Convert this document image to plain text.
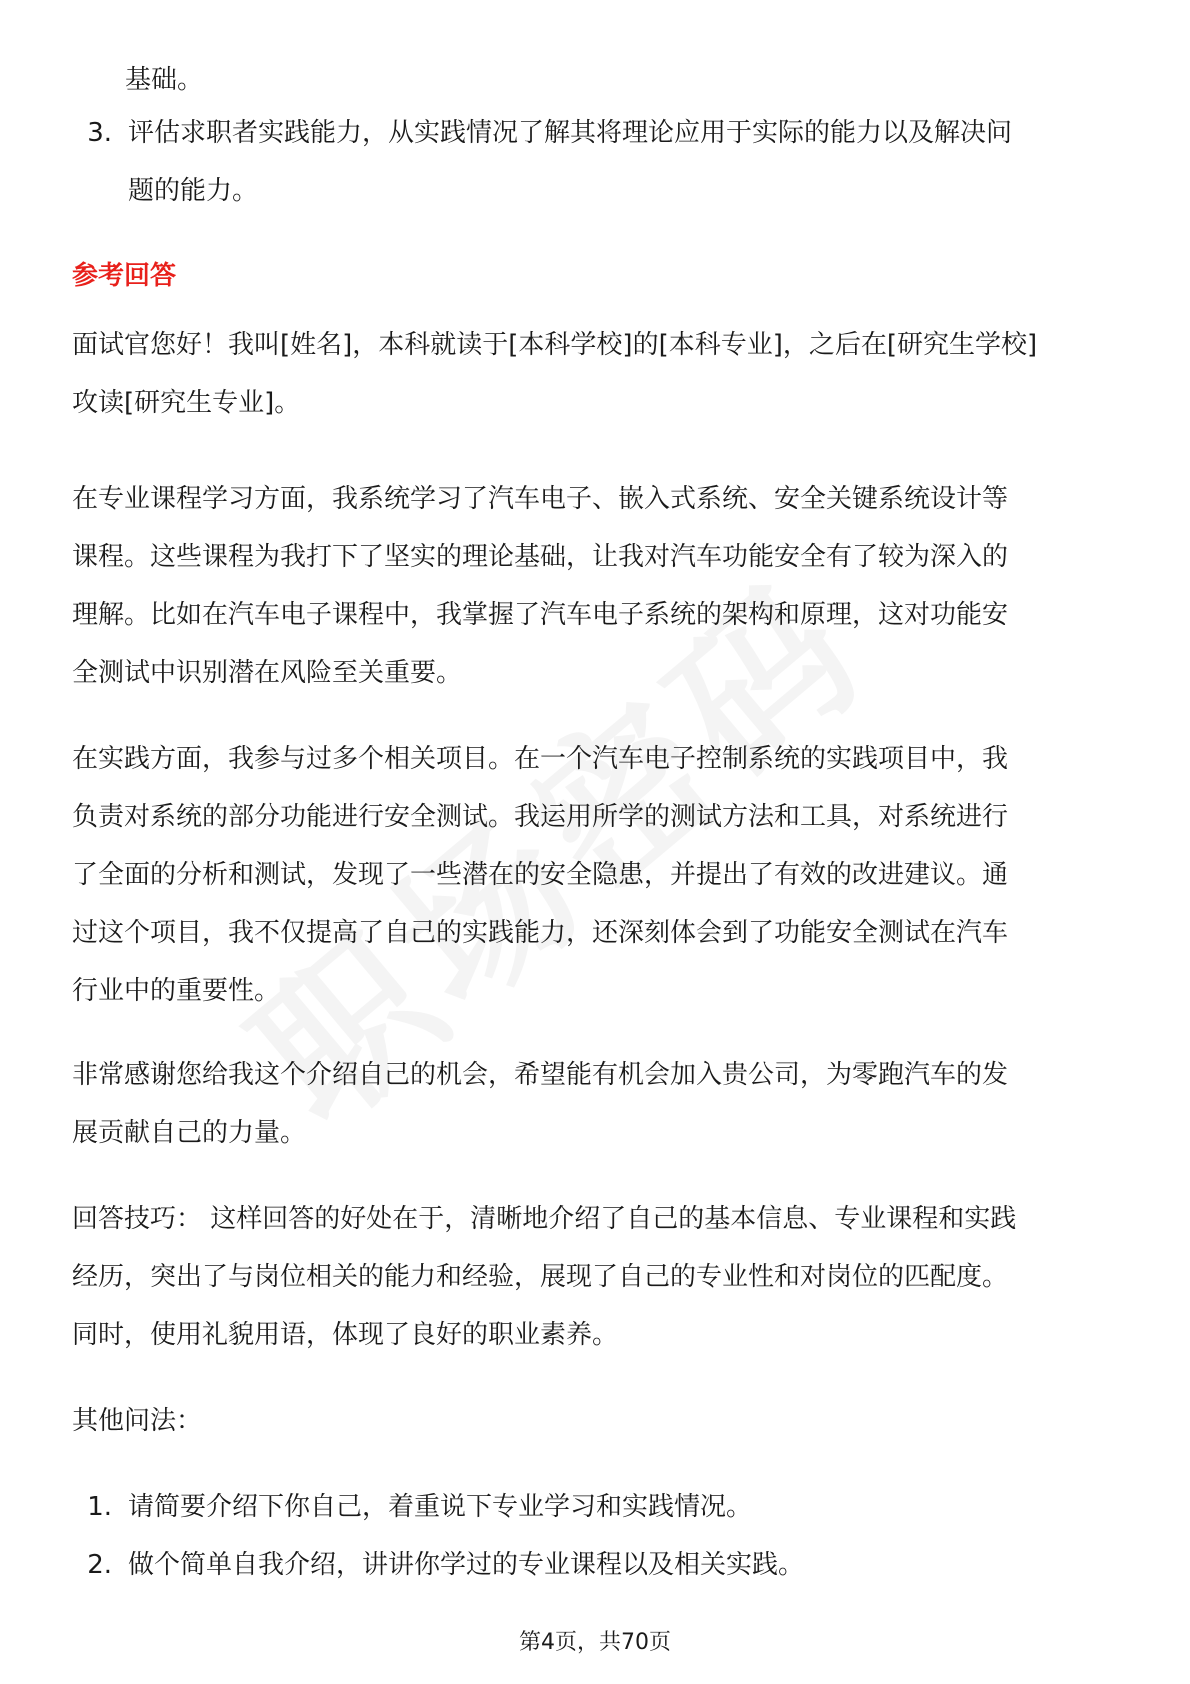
基础。
3. 评估求职者实践能力，从实践情况了解其将理论应用于实际的能力以及解决问
题的能力。
参考回答
面试官您好！我叫[姓名]，本科就读于[本科学校]的[本科专业]，之后在[研究生学校]
攻读[研究生专业]。
在专业课程学习方面，我系统学习了汽车电子、嵌入式系统、安全关键系统设计等
课程。这些课程为我打下了坚实的理论基础，让我对汽车功能安全有了较为深入的
理解。比如在汽车电子课程中，我掌握了汽车电子系统的架构和原理，这对功能安
全测试中识别潜在风险至关重要。
在实践方面，我参与过多个相关项目。在一个汽车电子控制系统的实践项目中，我
负责对系统的部分功能进行安全测试。我运用所学的测试方法和工具，对系统进行
了全面的分析和测试，发现了一些潜在的安全隐患，并提出了有效的改进建议。通
过这个项目，我不仅提高了自己的实践能力，还深刻体会到了功能安全测试在汽车
行业中的重要性。
非常感谢您给我这个介绍自己的机会，希望能有机会加入贵公司，为零跑汽车的发
展贡献自己的力量。
回答技巧： 这样回答的好处在于，清晰地介绍了自己的基本信息、专业课程和实践
经历，突出了与岗位相关的能力和经验，展现了自己的专业性和对岗位的匹配度。
同时，使用礼貌用语，体现了良好的职业素养。
其他问法：
1. 请简要介绍下你自己，着重说下专业学习和实践情况。
2. 做个简单自我介绍，讲讲你学过的专业课程以及相关实践。
第4页，共70页
